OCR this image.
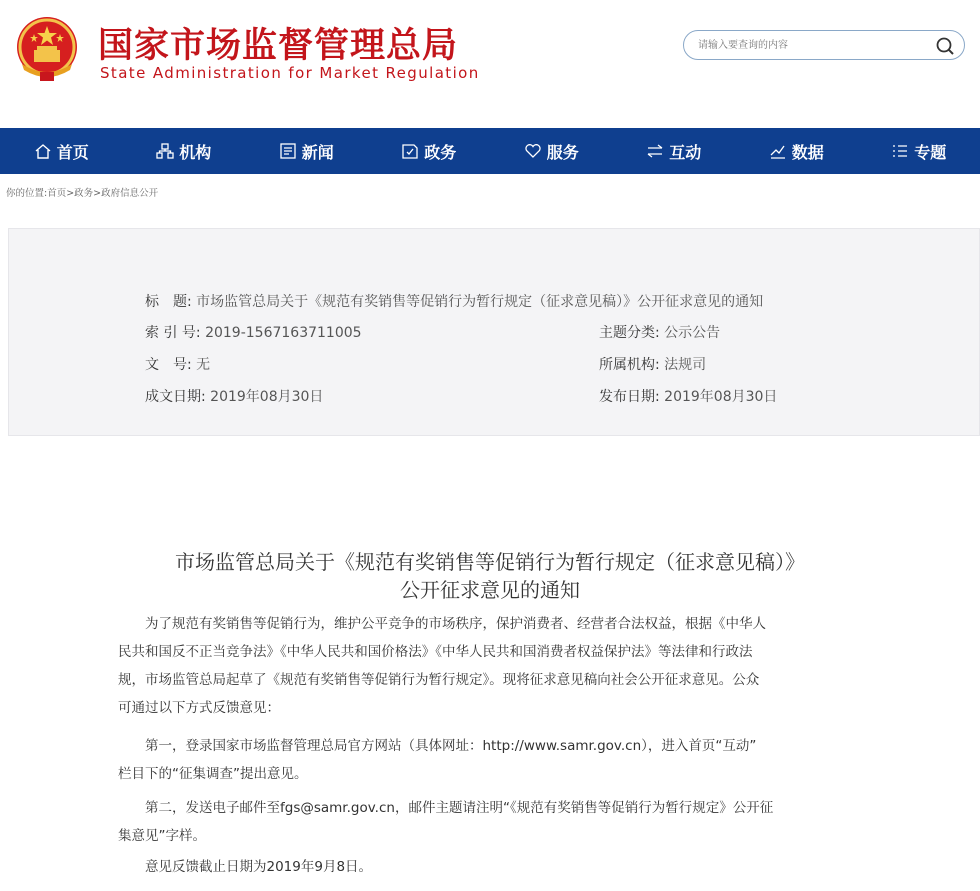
国家市场监督管理总局
State Administration for Market Regulation
请输入要查询的内容
首页	机构	新闻	政务	服务	互动	数据	专题
你的位置:首页>政务>政府信息公开
标　题: 市场监管总局关于《规范有奖销售等促销行为暂行规定（征求意见稿）》公开征求意见的通知
索 引 号: 2019-1567163711005	主题分类: 公示公告
文　号: 无	所属机构: 法规司
成文日期: 2019年08月30日	发布日期: 2019年08月30日
市场监管总局关于《规范有奖销售等促销行为暂行规定（征求意见稿）》
公开征求意见的通知
　　为了规范有奖销售等促销行为，维护公平竞争的市场秩序，保护消费者、经营者合法权益，根据《中华人
民共和国反不正当竞争法》《中华人民共和国价格法》《中华人民共和国消费者权益保护法》等法律和行政法
规，市场监管总局起草了《规范有奖销售等促销行为暂行规定》。现将征求意见稿向社会公开征求意见。公众
可通过以下方式反馈意见：
　　第一，登录国家市场监督管理总局官方网站（具体网址：http://www.samr.gov.cn），进入首页“互动”
栏目下的“征集调查”提出意见。
　　第二，发送电子邮件至fgs@samr.gov.cn，邮件主题请注明“《规范有奖销售等促销行为暂行规定》公开征
集意见”字样。
　　意见反馈截止日期为2019年9月8日。
